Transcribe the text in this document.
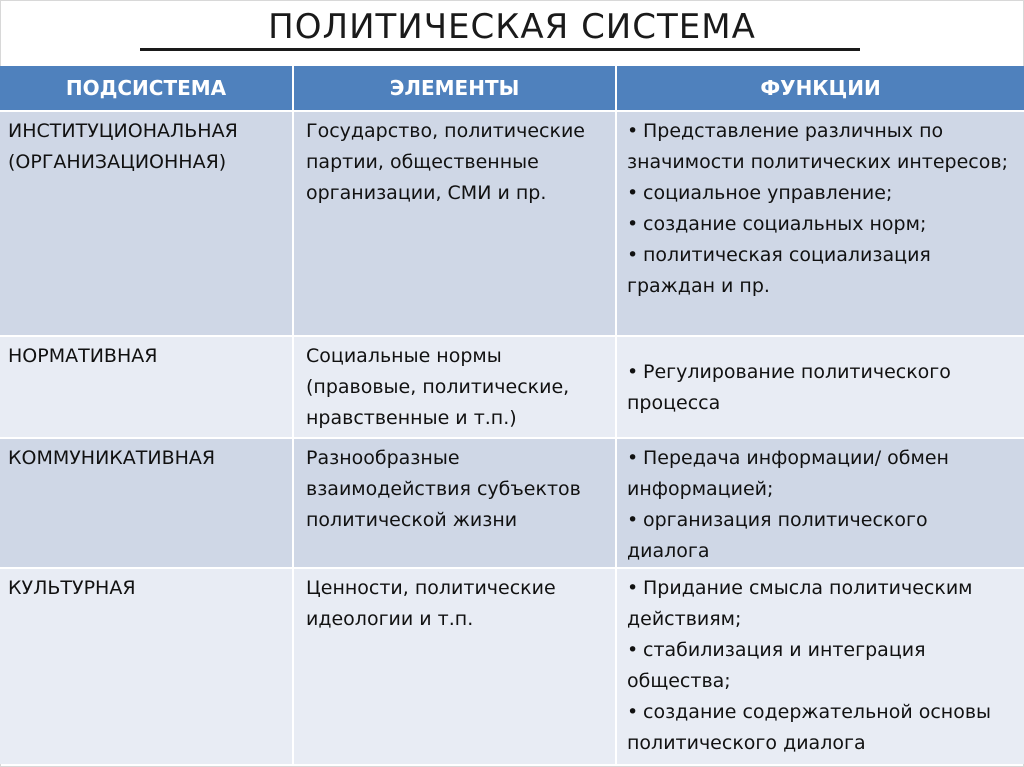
ПОЛИТИЧЕСКАЯ СИСТЕМА
ПОДСИСТЕМА	ЭЛЕМЕНТЫ	ФУНКЦИИ
ИНСТИТУЦИОНАЛЬНАЯ (ОРГАНИЗАЦИОННАЯ)	Государство, политические партии, общественные организации, СМИ и пр.	• Представление различных по значимости политических интересов;
• социальное управление;
• создание социальных норм;
• политическая социализация граждан и пр.

НОРМАТИВНАЯ	Социальные нормы (правовые, политические, нравственные и т.п.)	• Регулирование политического процесса

КОММУНИКАТИВНАЯ	Разнообразные взаимодействия субъектов политической жизни	• Передача информации/ обмен информацией;
• организация политического диалога

КУЛЬТУРНАЯ	Ценности, политические идеологии и т.п.	• Придание смысла политическим действиям;
• стабилизация и интеграция общества;
• создание содержательной основы политического диалога
